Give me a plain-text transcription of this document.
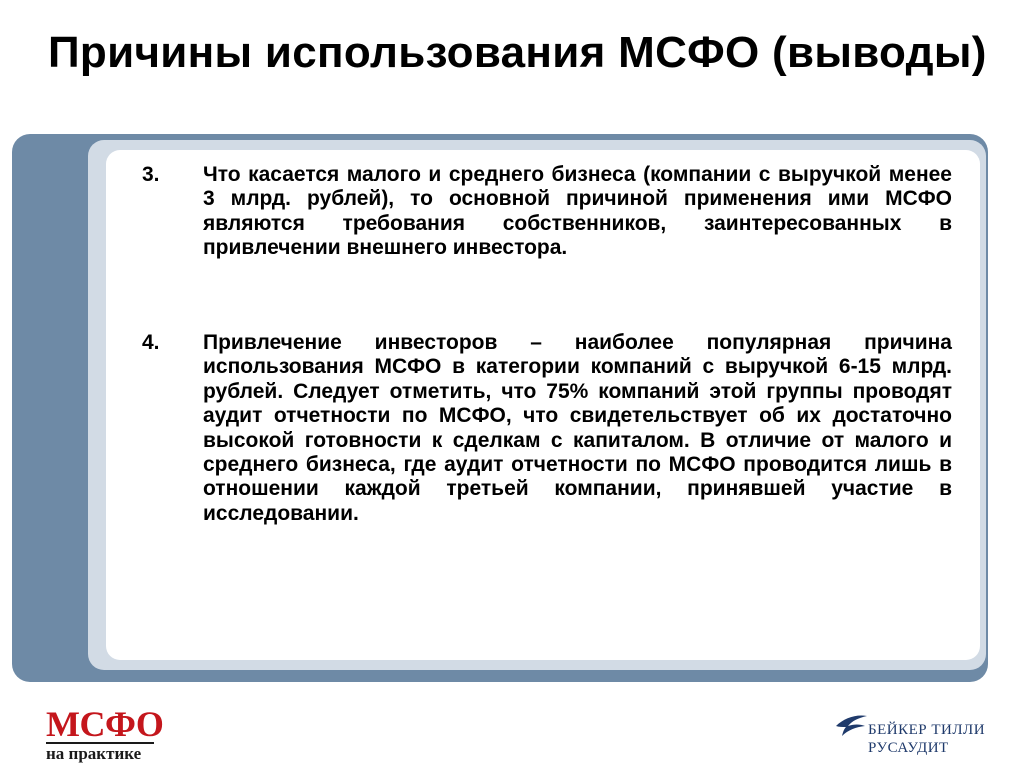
Причины использования МСФО (выводы)
3. Что касается малого и среднего бизнеса (компании с выручкой менее 3 млрд. рублей), то основной причиной применения ими МСФО являются требования собственников, заинтересованных в привлечении внешнего инвестора.

4. Привлечение инвесторов – наиболее популярная причина использования МСФО в категории компаний с выручкой 6-15 млрд. рублей. Следует отметить, что 75% компаний этой группы проводят аудит отчетности по МСФО, что свидетельствует об их достаточно высокой готовности к сделкам с капиталом. В отличие от малого и среднего бизнеса, где аудит отчетности по МСФО проводится лишь в отношении каждой третьей компании, принявшей участие в исследовании.

МСФО
на практике
БЕЙКЕР ТИЛЛИ
РУСАУДИТ
